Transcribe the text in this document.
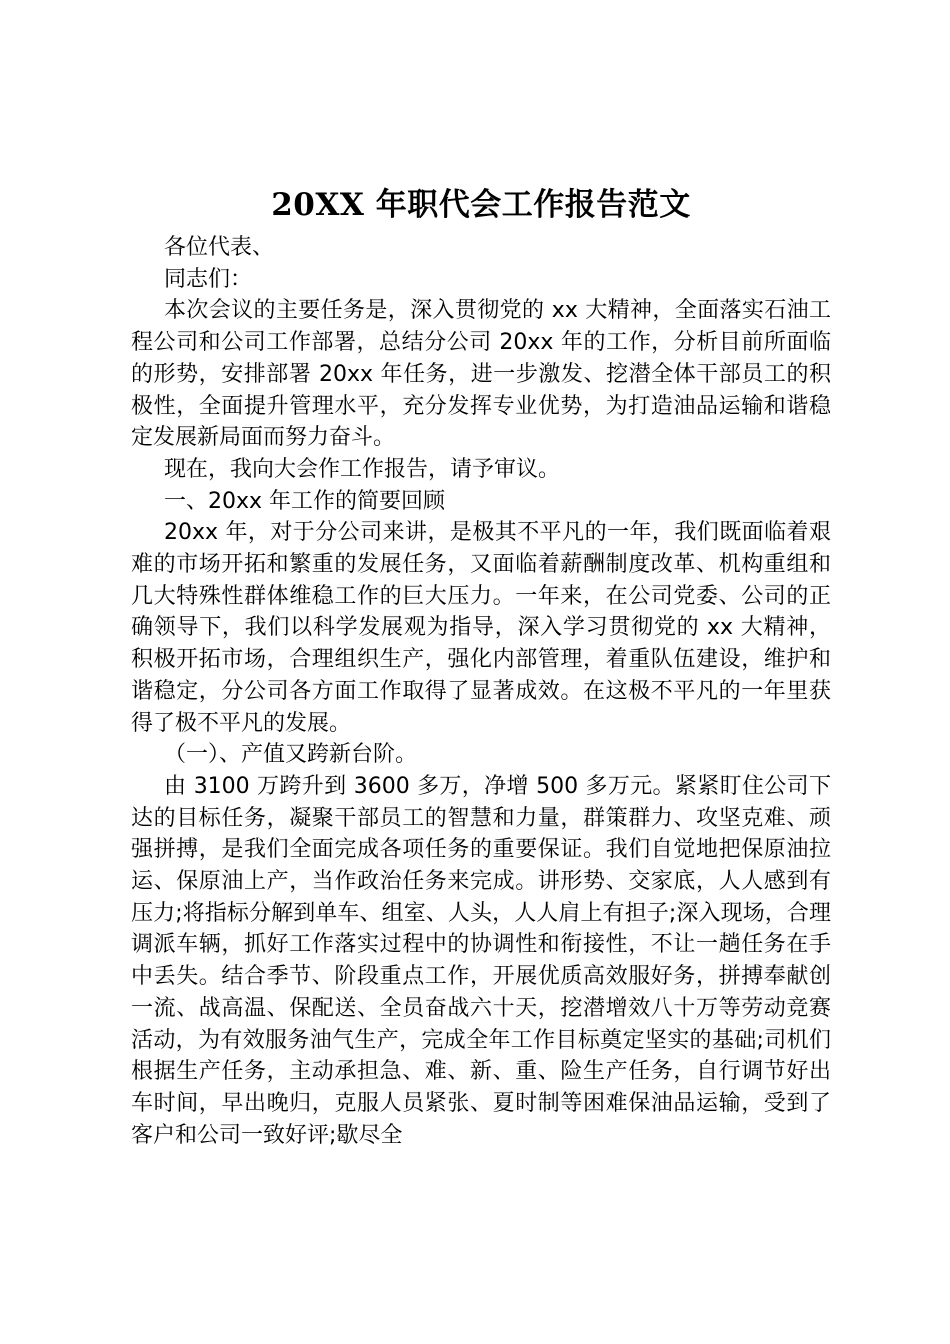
20XX 年职代会工作报告范文

各位代表、

同志们：

本次会议的主要任务是，深入贯彻党的 xx 大精神，全面落实石油工程公司和公司工作部署，总结分公司 20xx 年的工作，分析目前所面临的形势，安排部署 20xx 年任务，进一步激发、挖潜全体干部员工的积极性，全面提升管理水平，充分发挥专业优势，为打造油品运输和谐稳定发展新局面而努力奋斗。

现在，我向大会作工作报告，请予审议。

一、20xx 年工作的简要回顾

20xx 年，对于分公司来讲，是极其不平凡的一年，我们既面临着艰难的市场开拓和繁重的发展任务，又面临着薪酬制度改革、机构重组和几大特殊性群体维稳工作的巨大压力。一年来，在公司党委、公司的正确领导下，我们以科学发展观为指导，深入学习贯彻党的 xx 大精神，积极开拓市场，合理组织生产，强化内部管理，着重队伍建设，维护和谐稳定，分公司各方面工作取得了显著成效。在这极不平凡的一年里获得了极不平凡的发展。

（一）、产值又跨新台阶。

由 3100 万跨升到 3600 多万，净增 500 多万元。紧紧盯住公司下达的目标任务，凝聚干部员工的智慧和力量，群策群力、攻坚克难、顽强拼搏，是我们全面完成各项任务的重要保证。我们自觉地把保原油拉运、保原油上产，当作政治任务来完成。讲形势、交家底，人人感到有压力;将指标分解到单车、组室、人头，人人肩上有担子;深入现场，合理调派车辆，抓好工作落实过程中的协调性和衔接性，不让一趟任务在手中丢失。结合季节、阶段重点工作，开展优质高效服好务，拼搏奉献创一流、战高温、保配送、全员奋战六十天，挖潜增效八十万等劳动竞赛活动，为有效服务油气生产，完成全年工作目标奠定坚实的基础;司机们根据生产任务，主动承担急、难、新、重、险生产任务，自行调节好出车时间，早出晚归，克服人员紧张、夏时制等困难保油品运输，受到了客户和公司一致好评;歇尽全
